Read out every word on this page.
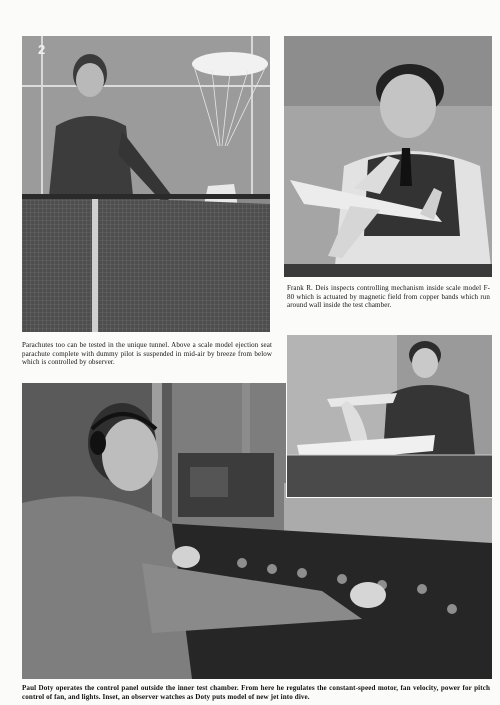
2

Frank R. Deis inspects controlling mechanism inside scale model F-80 which is actuated by magnetic field from copper bands which run around wall inside the test chamber.

Parachutes too can be tested in the unique tunnel. Above a scale model ejection seat parachute complete with dummy pilot is suspended in mid-air by breeze from below which is controlled by observer.

Paul Doty operates the control panel outside the inner test chamber. From here he regulates the constant-speed motor, fan velocity, power for pitch control of fan, and lights. Inset, an observer watches as Doty puts model of new jet into dive.
